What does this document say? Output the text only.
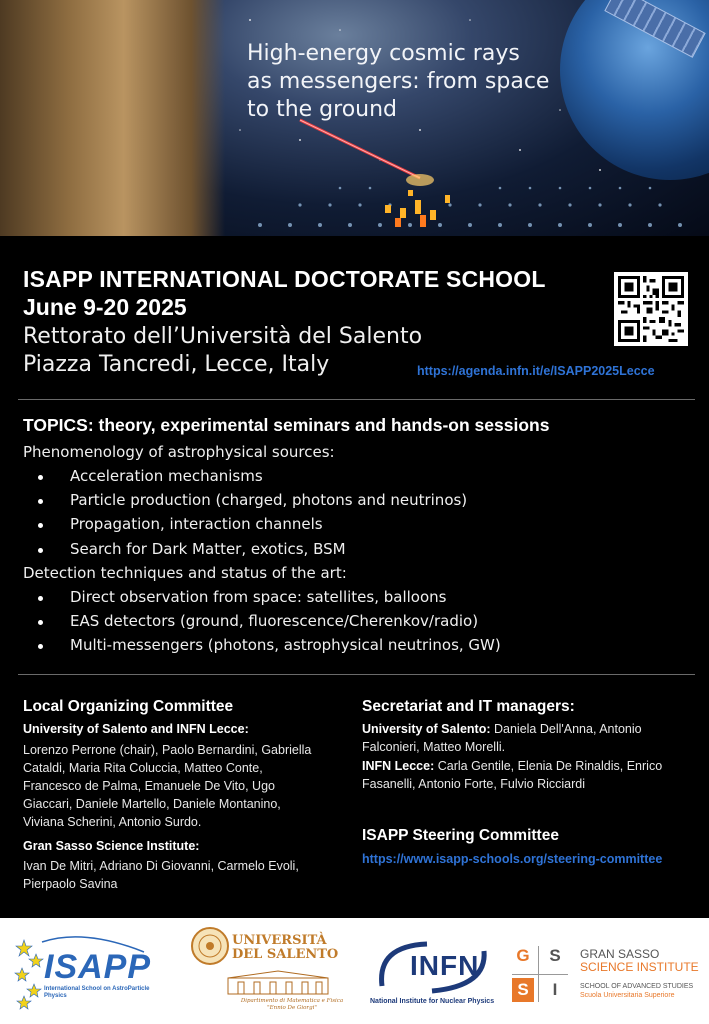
High-energy cosmic rays
as messengers: from space
to the ground
ISAPP INTERNATIONAL DOCTORATE SCHOOL
June 9-20 2025
Rettorato dell’Università del Salento
Piazza Tancredi, Lecce, Italy	https://agenda.infn.it/e/ISAPP2025Lecce
TOPICS: theory, experimental seminars and hands-on sessions
Phenomenology of astrophysical sources:
Acceleration mechanisms
Particle production (charged, photons and neutrinos)
Propagation, interaction channels
Search for Dark Matter, exotics, BSM
Detection techniques and status of the art:
Direct observation from space: satellites, balloons
EAS detectors (ground, fluorescence/Cherenkov/radio)
Multi-messengers (photons, astrophysical neutrinos, GW)
Local Organizing Committee
University of Salento and INFN Lecce:
Lorenzo Perrone (chair), Paolo Bernardini, Gabriella
Cataldi, Maria Rita Coluccia, Matteo Conte,
Francesco de Palma, Emanuele De Vito, Ugo
Giaccari, Daniele Martello, Daniele Montanino,
Viviana Scherini, Antonio Surdo.
Gran Sasso Science Institute:
Ivan De Mitri, Adriano Di Giovanni, Carmelo Evoli,
Pierpaolo Savina
Secretariat and IT managers:
University of Salento: Daniela Dell'Anna, Antonio
Falconieri, Matteo Morelli.
INFN Lecce: Carla Gentile, Elenia De Rinaldis, Enrico
Fasanelli, Antonio Forte, Fulvio Ricciardi
ISAPP Steering Committee
https://www.isapp-schools.org/steering-committee
ISAPP
International School on AstroParticle Physics
UNIVERSITÀ
DEL SALENTO
Dipartimento di Matematica e Fisica
"Ennio De Giorgi"
INFN
National Institute for Nuclear Physics
G	S
S	I
GRAN SASSO
SCIENCE INSTITUTE
SCHOOL OF ADVANCED STUDIES
Scuola Universitaria Superiore
